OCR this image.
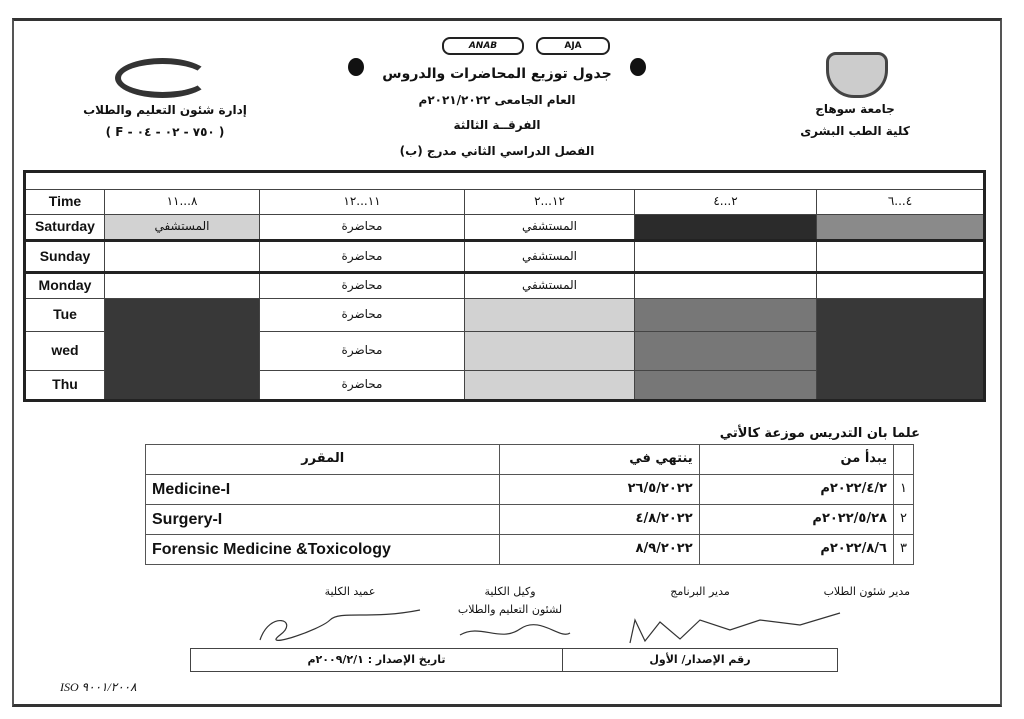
إدارة شئون التعليم والطلاب
( F - ٧٥٠ - ٠٢ - ٠٤ )
ANAB	AJA
جدول توزيع المحاضرات والدروس
العام الجامعى ٢٠٢١/٢٠٢٢م
الفرقــة الثالثة
الفصل الدراسي الثاني مدرج (ب)
جامعة سوهاج
كلية الطب البشرى

Time	٨...١١	١١...١٢	١٢...٢	٢...٤	٤...٦
Saturday	المستشفي	محاضرة	المستشفي		
Sunday		محاضرة	المستشفي		
Monday		محاضرة	المستشفي		
Tue		محاضرة			
wed		محاضرة			
Thu		محاضرة			
علما بان التدريس موزعة كالأتي
المقرر	ينتهي في	يبدأ من	
Medicine-I	٢٦/٥/٢٠٢٢	٢٠٢٢/٤/٢م	١
Surgery-I	٤/٨/٢٠٢٢	٢٠٢٢/٥/٢٨م	٢
Forensic Medicine &Toxicology	٨/٩/٢٠٢٢	٢٠٢٢/٨/٦م	٣
مدير شئون الطلاب
مدير البرنامج
وكيل الكلية
لشئون التعليم والطلاب
عميد الكلية
تاريخ الإصدار : ٢٠٠٩/٢/١م	رقم الإصدار/ الأول
ISO ٩٠٠١/٢٠٠٨
